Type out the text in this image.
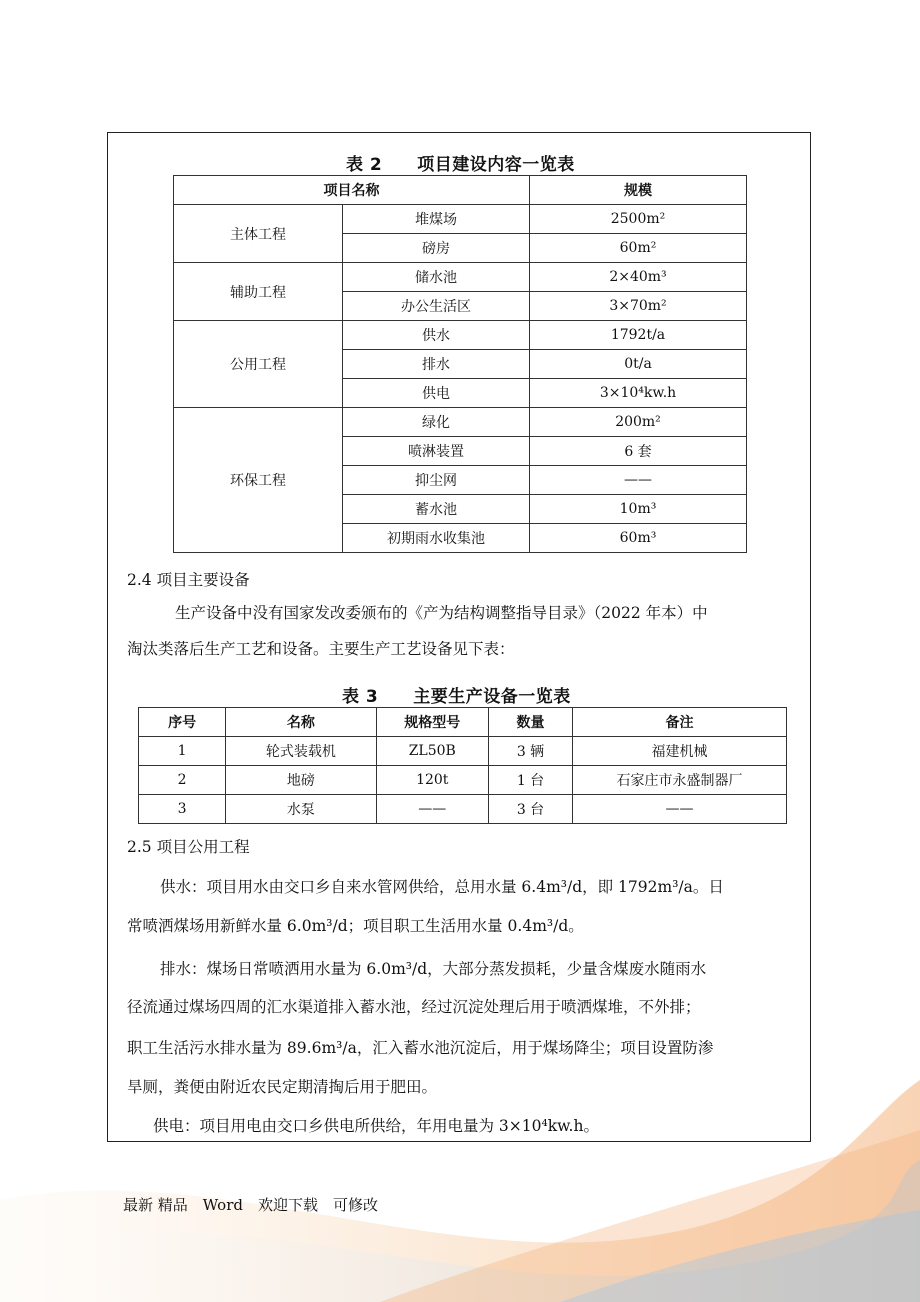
表 2　　项目建设内容一览表
项目名称		规模
主体工程	堆煤场	2500m²
	磅房	60m²
辅助工程	储水池	2×40m³
	办公生活区	3×70m²
公用工程	供水	1792t/a
	排水	0t/a
	供电	3×10⁴kw.h
环保工程	绿化	200m²
	喷淋装置	6 套
	抑尘网	——
	蓄水池	10m³
	初期雨水收集池	60m³
2.4 项目主要设备
生产设备中没有国家发改委颁布的《产为结构调整指导目录》（2022 年本）中
淘汰类落后生产工艺和设备。主要生产工艺设备见下表：
表 3　　主要生产设备一览表
序号	名称	规格型号	数量	备注
1	轮式装载机	ZL50B	3 辆	福建机械
2	地磅	120t	1 台	石家庄市永盛制器厂
3	水泵	——	3 台	——
2.5 项目公用工程
供水：项目用水由交口乡自来水管网供给，总用水量 6.4m³/d，即 1792m³/a。日
常喷洒煤场用新鲜水量 6.0m³/d；项目职工生活用水量 0.4m³/d。
排水：煤场日常喷洒用水量为 6.0m³/d，大部分蒸发损耗，少量含煤废水随雨水
径流通过煤场四周的汇水渠道排入蓄水池，经过沉淀处理后用于喷洒煤堆，不外排；
职工生活污水排水量为 89.6m³/a，汇入蓄水池沉淀后，用于煤场降尘；项目设置防渗
旱厕，粪便由附近农民定期清掏后用于肥田。
供电：项目用电由交口乡供电所供给，年用电量为 3×10⁴kw.h。
最新 精品　Word　欢迎下载　可修改
